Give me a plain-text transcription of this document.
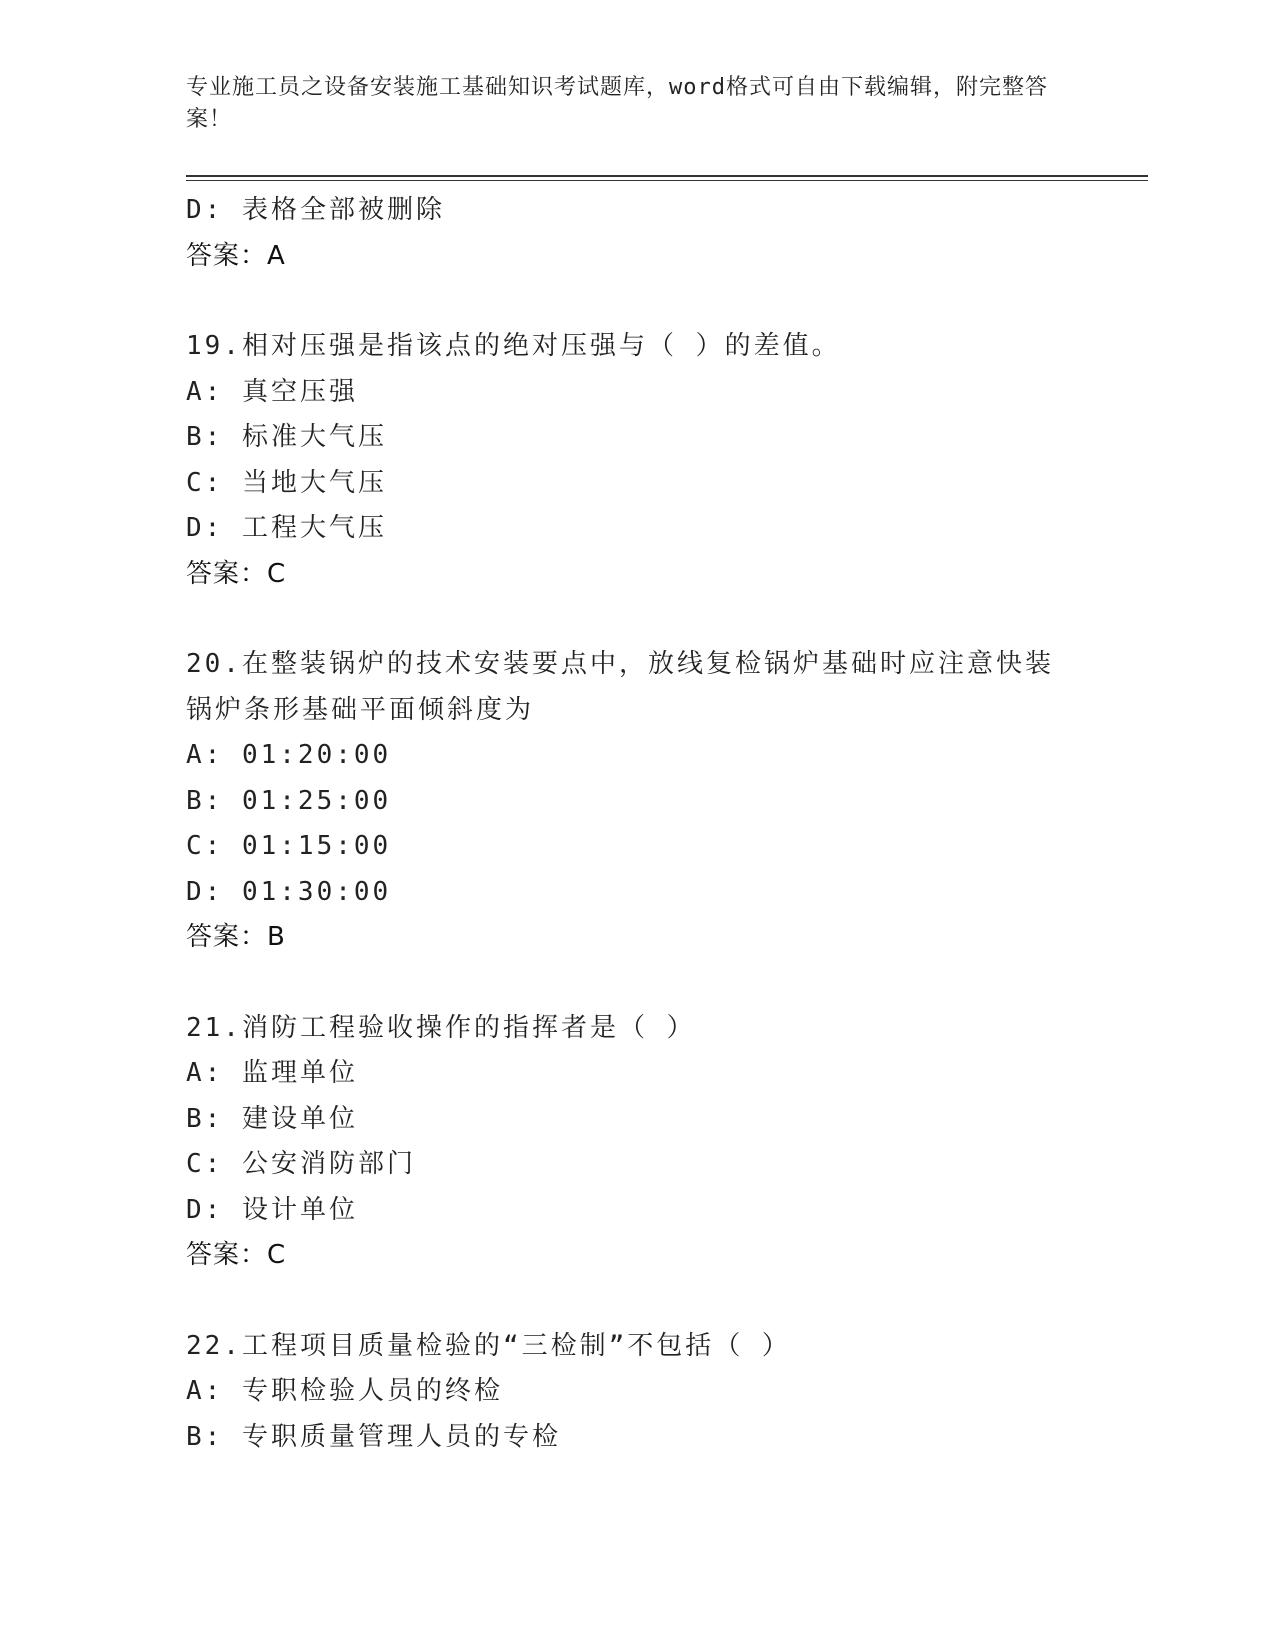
专业施工员之设备安装施工基础知识考试题库，word格式可自由下载编辑，附完整答案！
D: 表格全部被删除
答案：A
19.相对压强是指该点的绝对压强与（ ）的差值。
A: 真空压强
B: 标准大气压
C: 当地大气压
D: 工程大气压
答案：C
20.在整装锅炉的技术安装要点中，放线复检锅炉基础时应注意快装锅炉条形基础平面倾斜度为
A: 01:20:00
B: 01:25:00
C: 01:15:00
D: 01:30:00
答案：B
21.消防工程验收操作的指挥者是（ ）
A: 监理单位
B: 建设单位
C: 公安消防部门
D: 设计单位
答案：C
22.工程项目质量检验的“三检制”不包括（ ）
A: 专职检验人员的终检
B: 专职质量管理人员的专检
